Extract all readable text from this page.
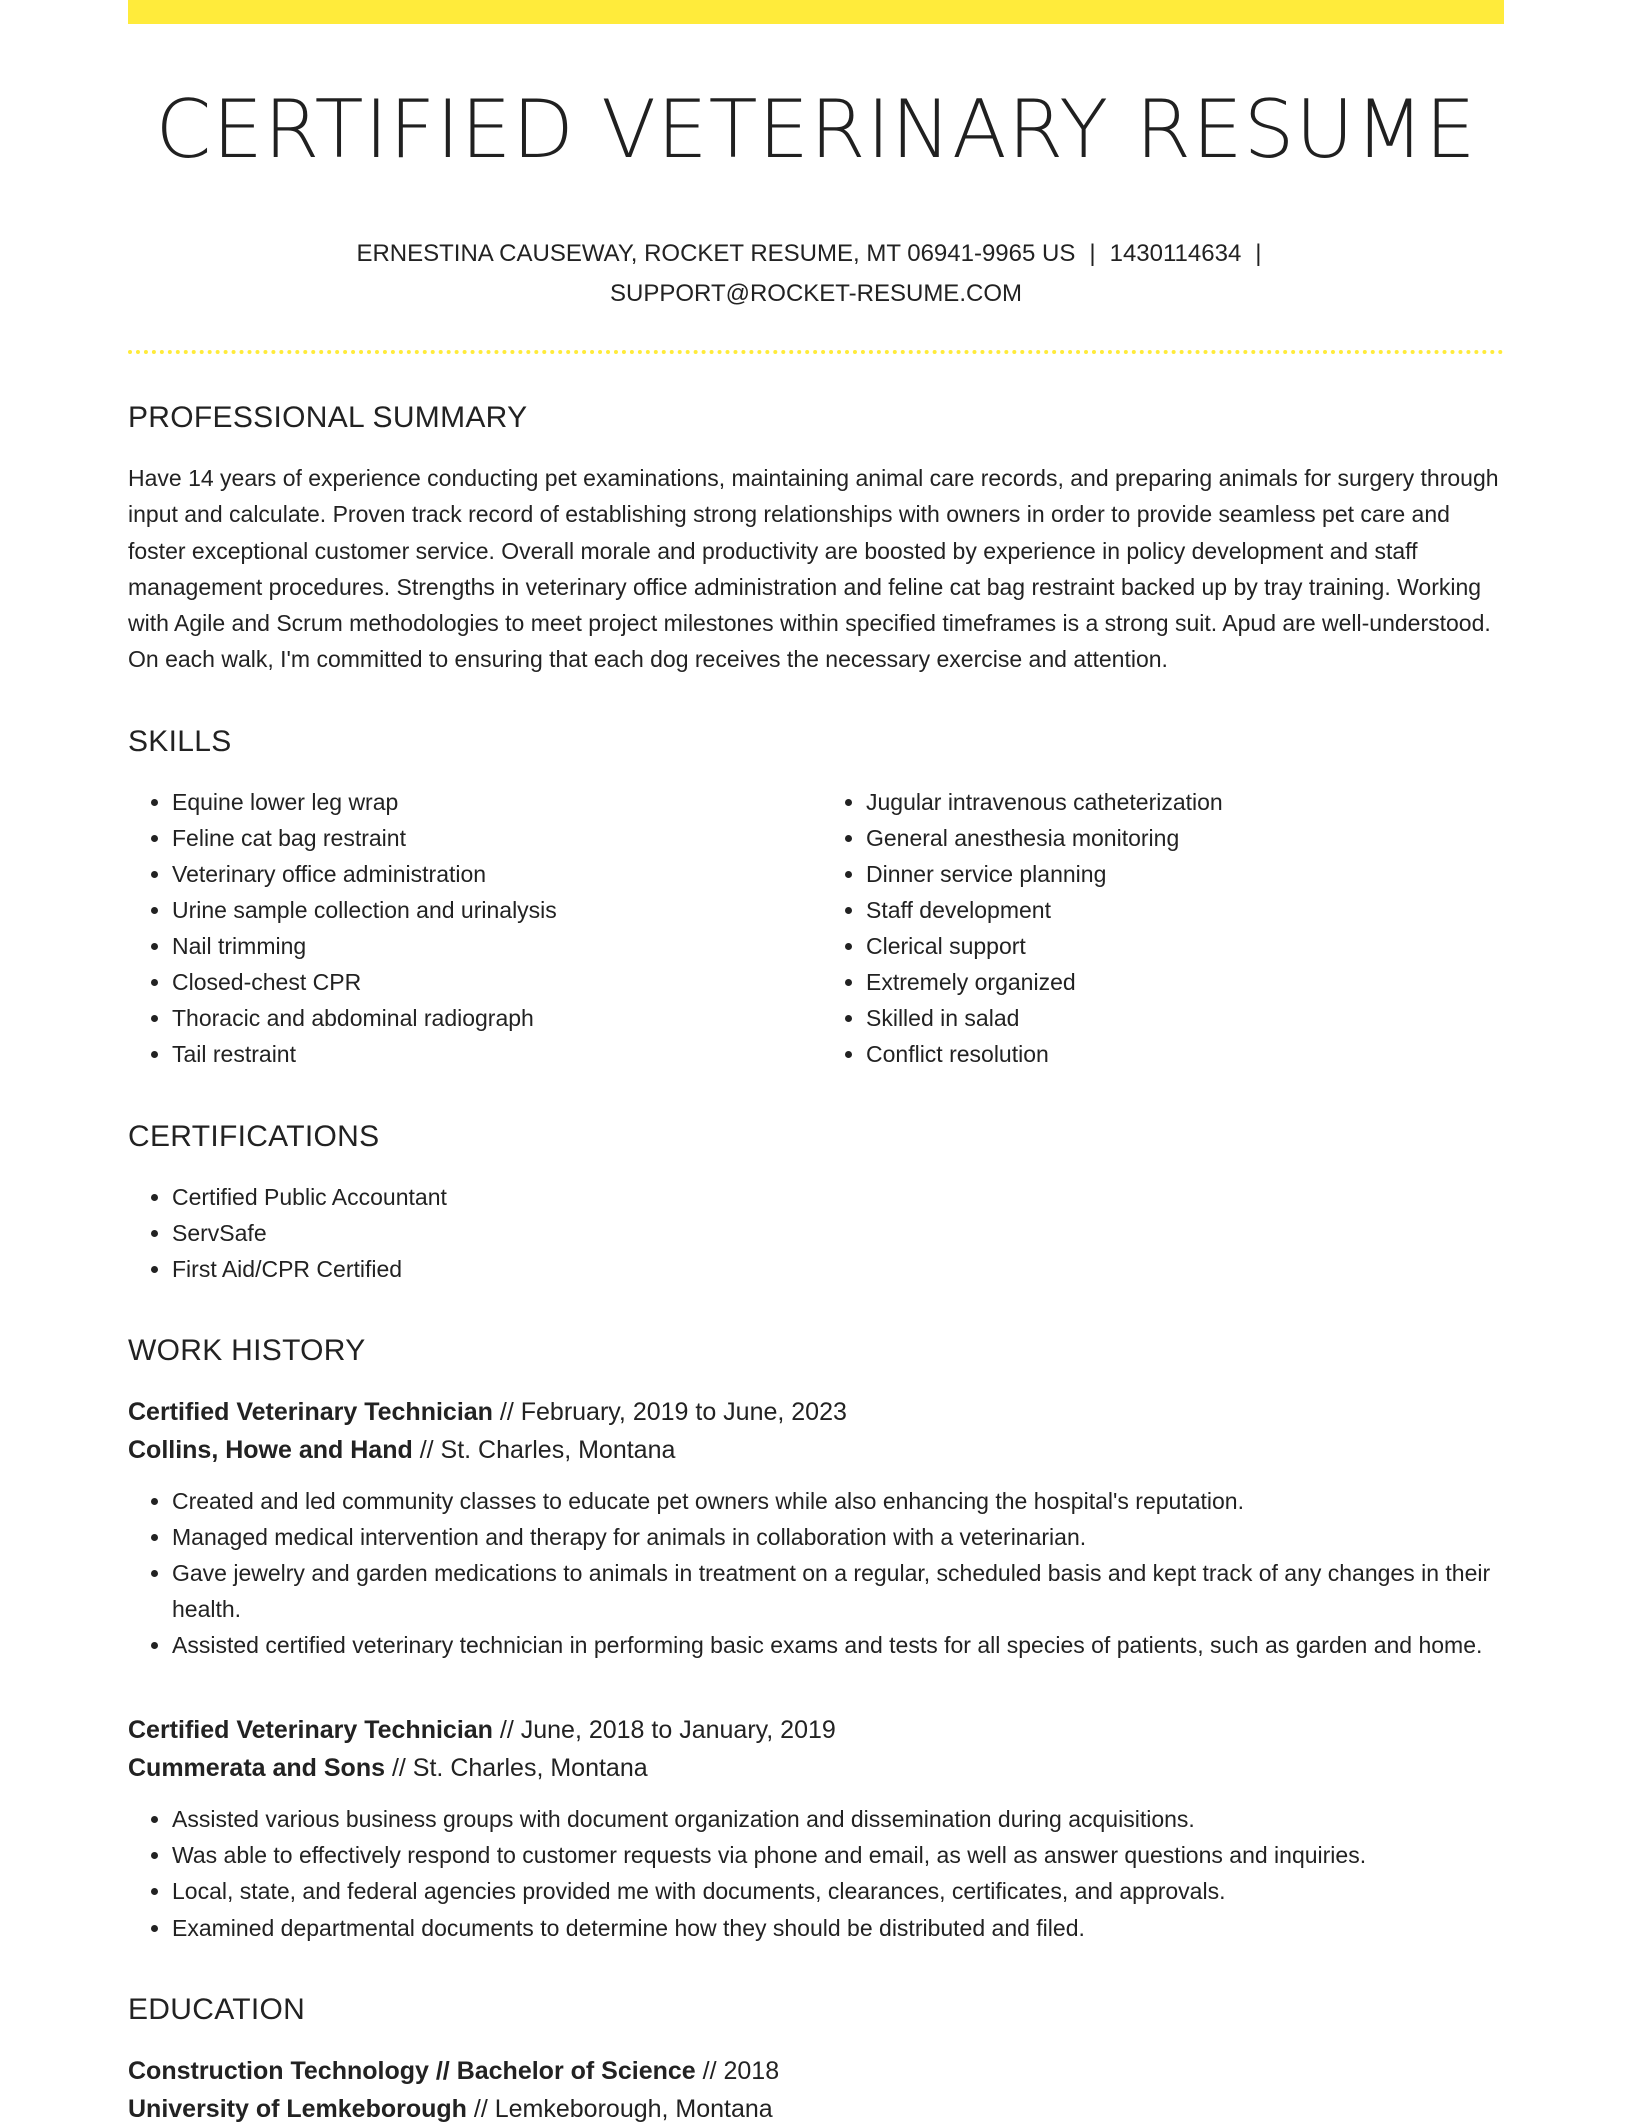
CERTIFIED VETERINARY RESUME
ERNESTINA CAUSEWAY, ROCKET RESUME, MT 06941-9965 US | 1430114634 |
SUPPORT@ROCKET-RESUME.COM
PROFESSIONAL SUMMARY

Have 14 years of experience conducting pet examinations, maintaining animal care records, and preparing animals for surgery through input and calculate. Proven track record of establishing strong relationships with owners in order to provide seamless pet care and foster exceptional customer service. Overall morale and productivity are boosted by experience in policy development and staff management procedures. Strengths in veterinary office administration and feline cat bag restraint backed up by tray training. Working with Agile and Scrum methodologies to meet project milestones within specified timeframes is a strong suit. Apud are well-understood. On each walk, I'm committed to ensuring that each dog receives the necessary exercise and attention.

SKILLS
• Equine lower leg wrap
• Feline cat bag restraint
• Veterinary office administration
• Urine sample collection and urinalysis
• Nail trimming
• Closed-chest CPR
• Thoracic and abdominal radiograph
• Tail restraint
• Jugular intravenous catheterization
• General anesthesia monitoring
• Dinner service planning
• Staff development
• Clerical support
• Extremely organized
• Skilled in salad
• Conflict resolution
CERTIFICATIONS
• Certified Public Accountant
• ServSafe
• First Aid/CPR Certified
WORK HISTORY
Certified Veterinary Technician // February, 2019 to June, 2023
Collins, Howe and Hand // St. Charles, Montana
• Created and led community classes to educate pet owners while also enhancing the hospital's reputation.
• Managed medical intervention and therapy for animals in collaboration with a veterinarian.
• Gave jewelry and garden medications to animals in treatment on a regular, scheduled basis and kept track of any changes in their health.
• Assisted certified veterinary technician in performing basic exams and tests for all species of patients, such as garden and home.
Certified Veterinary Technician // June, 2018 to January, 2019
Cummerata and Sons // St. Charles, Montana
• Assisted various business groups with document organization and dissemination during acquisitions.
• Was able to effectively respond to customer requests via phone and email, as well as answer questions and inquiries.
• Local, state, and federal agencies provided me with documents, clearances, certificates, and approvals.
• Examined departmental documents to determine how they should be distributed and filed.
EDUCATION
Construction Technology // Bachelor of Science // 2018
University of Lemkeborough // Lemkeborough, Montana
